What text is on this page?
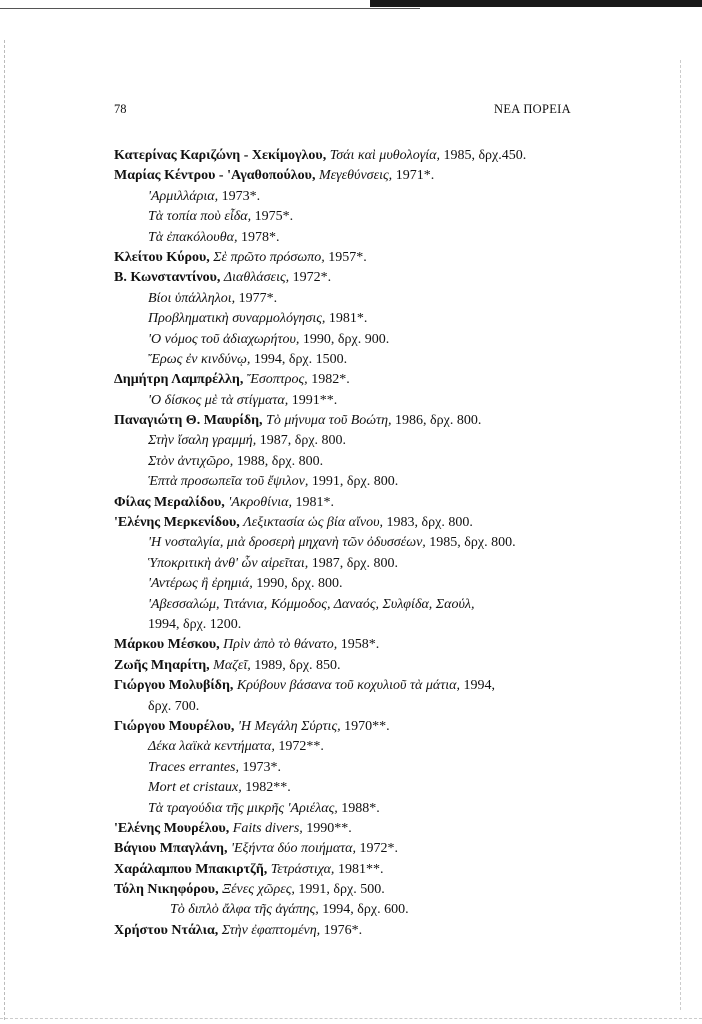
78	ΝΕΑ ΠΟΡΕΙΑ
Κατερίνας Καριζώνη - Χεκίμογλου, Τσάι καὶ μυθολογία, 1985, δρχ.450.
Μαρίας Κέντρου - 'Αγαθοπούλου, Μεγεθύνσεις, 1971*.
'Αρμιλλάρια, 1973*.
Τὰ τοπία ποὺ εἶδα, 1975*.
Τὰ ἐπακόλουθα, 1978*.
Κλείτου Κύρου, Σὲ πρῶτο πρόσωπο, 1957*.
Β. Κωνσταντίνου, Διαθλάσεις, 1972*.
Βίοι ὑπάλληλοι, 1977*.
Προβληματικὴ συναρμολόγησις, 1981*.
'Ο νόμος τοῦ ἀδιαχωρήτου, 1990, δρχ. 900.
Ἔρως ἐν κινδύνῳ, 1994, δρχ. 1500.
Δημήτρη Λαμπρέλλη, Ἔσοπτρος, 1982*.
'Ο δίσκος μὲ τὰ στίγματα, 1991**.
Παναγιώτη Θ. Μαυρίδη, Τὸ μήνυμα τοῦ Βοώτη, 1986, δρχ. 800.
Στὴν ἴσαλη γραμμή, 1987, δρχ. 800.
Στὸν ἀντιχῶρο, 1988, δρχ. 800.
Ἑπτὰ προσωπεῖα τοῦ ἔψιλον, 1991, δρχ. 800.
Φίλας Μεραλίδου, 'Ακροθίνια, 1981*.
'Ελένης Μερκενίδου, Λεξικτασία ὡς βία αἴνου, 1983, δρχ. 800.
'Η νοσταλγία, μιὰ δροσερὴ μηχανὴ τῶν ὀδυσσέων, 1985, δρχ. 800.
Ὑποκριτικὴ ἀνθ' ὧν αἱρεῖται, 1987, δρχ. 800.
'Αντέρως ἢ ἐρημιά, 1990, δρχ. 800.
'Αβεσσαλώμ, Τιτάνια, Κόμμοδος, Δαναός, Συλφίδα, Σαούλ,
1994, δρχ. 1200.
Μάρκου Μέσκου, Πρὶν ἀπὸ τὸ θάνατο, 1958*.
Ζωῆς Μηαρίτη, Μαζεῖ, 1989, δρχ. 850.
Γιώργου Μολυβίδη, Κρύβουν βάσανα τοῦ κοχυλιοῦ τὰ μάτια, 1994,
δρχ. 700.
Γιώργου Μουρέλου, 'Η Μεγάλη Σύρτις, 1970**.
Δέκα λαϊκὰ κεντήματα, 1972**.
Traces errantes, 1973*.
Mort et cristaux, 1982**.
Τὰ τραγούδια τῆς μικρῆς 'Αριέλας, 1988*.
'Ελένης Μουρέλου, Faits divers, 1990**.
Βάγιου Μπαγλάνη, 'Εξήντα δύο ποιήματα, 1972*.
Χαράλαμπου Μπακιρτζῆ, Τετράστιχα, 1981**.
Τόλη Νικηφόρου, Ξένες χῶρες, 1991, δρχ. 500.
Τὸ διπλὸ ἄλφα τῆς ἀγάπης, 1994, δρχ. 600.
Χρήστου Ντάλια, Στὴν ἐφαπτομένη, 1976*.
